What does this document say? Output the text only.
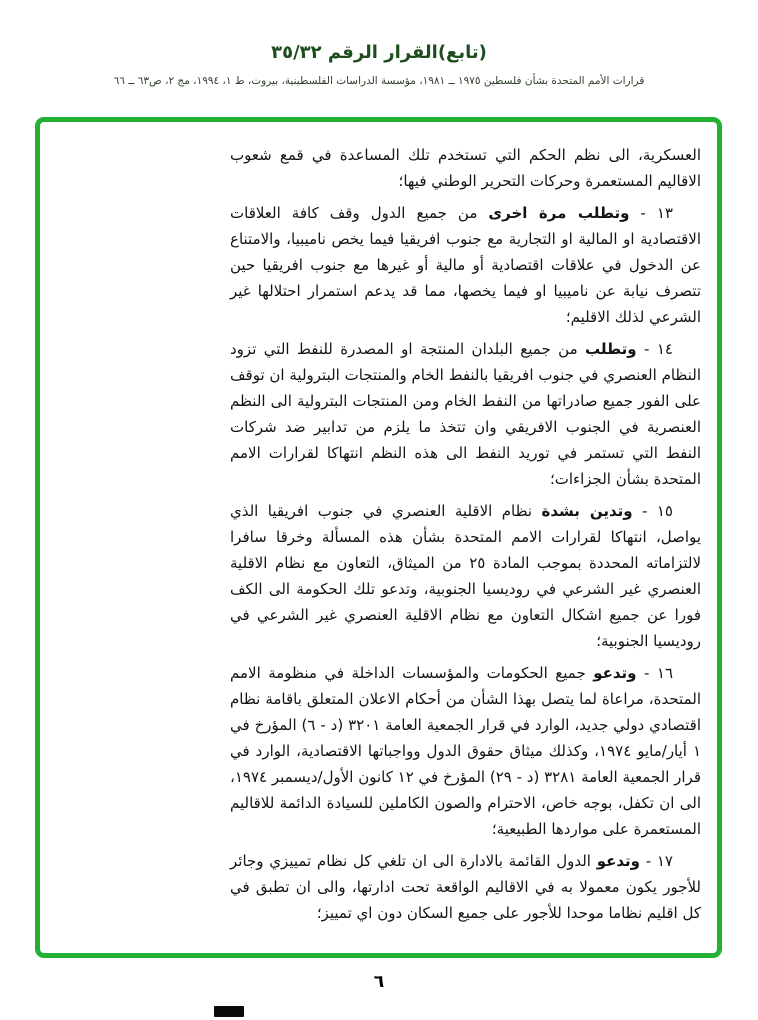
(تابع)القرار الرقم ٣٥/٣٢
قرارات الأمم المتحدة بشأن فلسطين ١٩٧٥ ــ ١٩٨١، مؤسسة الدراسات الفلسطينية، بيروت، ط ١، ١٩٩٤، مج ٢، ص٦٣ ــ ٦٦

العسكرية، الى نظم الحكم التي تستخدم تلك المساعدة في قمع شعوب الاقاليم المستعمرة وحركات التحرير الوطني فيها؛

١٣ - وتطلب مرة اخرى من جميع الدول وقف كافة العلاقات الاقتصادية او المالية او التجارية مع جنوب افريقيا فيما يخص ناميبيا، والامتناع عن الدخول في علاقات اقتصادية أو مالية أو غيرها مع جنوب افريقيا حين تتصرف نيابة عن ناميبيا او فيما يخصها، مما قد يدعم استمرار احتلالها غير الشرعي لذلك الاقليم؛

١٤ - وتطلب من جميع البلدان المنتجة او المصدرة للنفط التي تزود النظام العنصري في جنوب افريقيا بالنفط الخام والمنتجات البترولية ان توقف على الفور جميع صادراتها من النفط الخام ومن المنتجات البترولية الى النظم العنصرية في الجنوب الافريقي وان تتخذ ما يلزم من تدابير ضد شركات النفط التي تستمر في توريد النفط الى هذه النظم انتهاكا لقرارات الامم المتحدة بشأن الجزاءات؛

١٥ - وتدين بشدة نظام الاقلية العنصري في جنوب افريقيا الذي يواصل، انتهاكا لقرارات الامم المتحدة بشأن هذه المسألة وخرقا سافرا لالتزاماته المحددة بموجب المادة ٢٥ من الميثاق، التعاون مع نظام الاقلية العنصري غير الشرعي في روديسيا الجنوبية، وتدعو تلك الحكومة الى الكف فورا عن جميع اشكال التعاون مع نظام الاقلية العنصري غير الشرعي في روديسيا الجنوبية؛

١٦ - وتدعو جميع الحكومات والمؤسسات الداخلة في منظومة الامم المتحدة، مراعاة لما يتصل بهذا الشأن من أحكام الاعلان المتعلق باقامة نظام اقتصادي دولي جديد، الوارد في قرار الجمعية العامة ٣٢٠١ (د - ٦) المؤرخ في ١ أيار/مايو ١٩٧٤، وكذلك ميثاق حقوق الدول وواجباتها الاقتصادية، الوارد في قرار الجمعية العامة ٣٢٨١ (د - ٢٩) المؤرخ في ١٢ كانون الأول/ديسمبر ١٩٧٤، الى ان تكفل، بوجه خاص، الاحترام والصون الكاملين للسيادة الدائمة للاقاليم المستعمرة على مواردها الطبيعية؛

١٧ - وتدعو الدول القائمة بالادارة الى ان تلغي كل نظام تمييزي وجائر للأجور يكون معمولا به في الاقاليم الواقعة تحت ادارتها، والى ان تطبق في كل اقليم نظاما موحدا للأجور على جميع السكان دون اي تمييز؛

٦
